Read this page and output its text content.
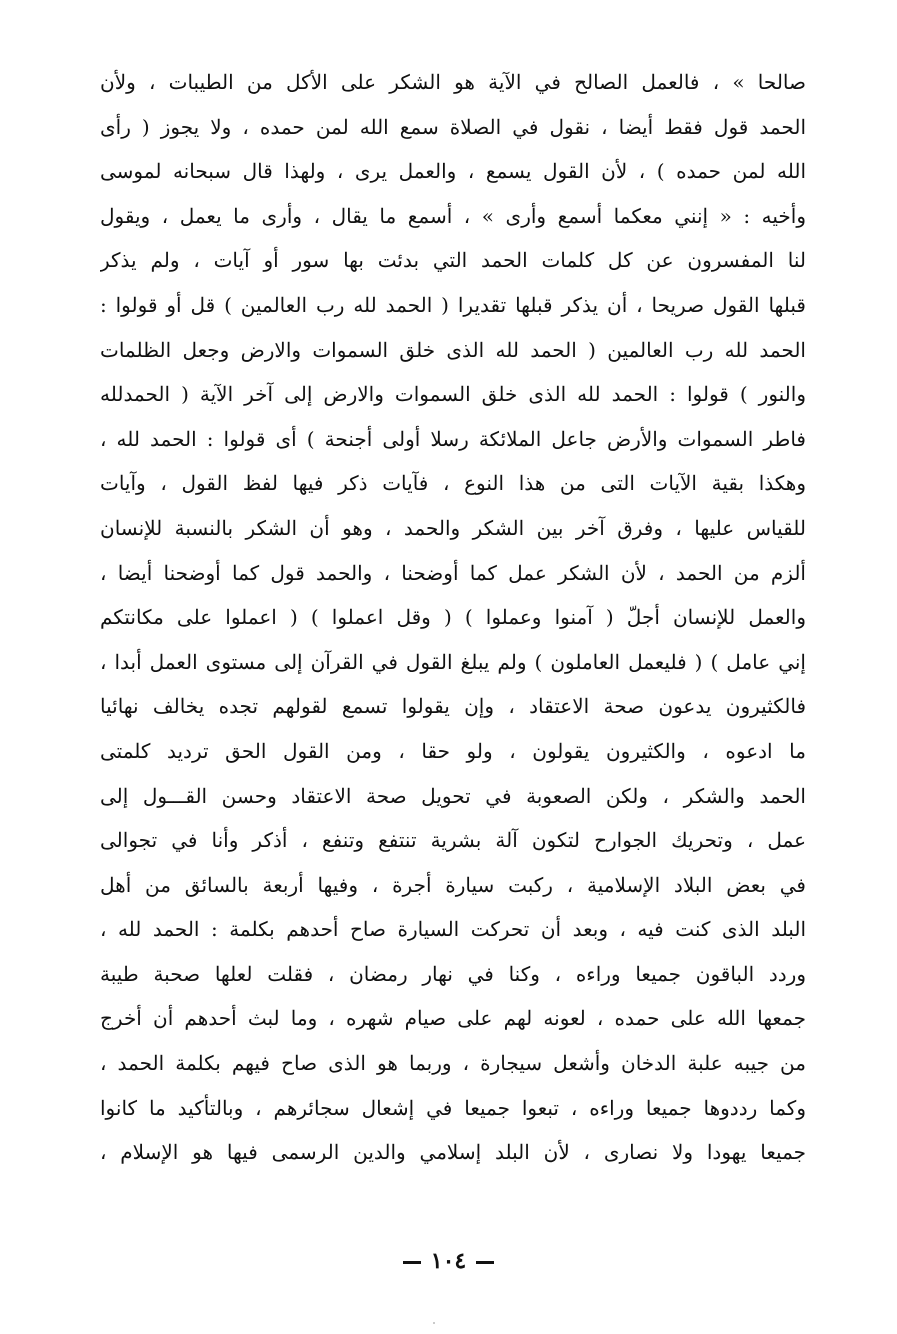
صالحا » ، فالعمل الصالح في الآية هو الشكر على الأكل من الطيبات ، ولأن
الحمد قول فقط أيضا ، نقول في الصلاة سمع الله لمن حمده ، ولا يجوز ( رأى
الله لمن حمده ) ، لأن القول يسمع ، والعمل يرى ، ولهذا قال سبحانه لموسى
وأخيه : « إنني معكما أسمع وأرى » ، أسمع ما يقال ، وأرى ما يعمل ، ويقول
لنا المفسرون عن كل كلمات الحمد التي بدئت بها سور أو آيات ، ولم يذكر
قبلها القول صريحا ، أن يذكر قبلها تقديرا ( الحمد لله رب العالمين ) قل أو قولوا :
الحمد لله رب العالمين ( الحمد لله الذى خلق السموات والارض وجعل الظلمات
والنور ) قولوا : الحمد لله الذى خلق السموات والارض إلى آخر الآية ( الحمدلله
فاطر السموات والأرض جاعل الملائكة رسلا أولى أجنحة ) أى قولوا : الحمد لله ،
وهكذا بقية الآيات التى من هذا النوع ، فآيات ذكر فيها لفظ القول ، وآيات
للقياس عليها ، وفرق آخر بين الشكر والحمد ، وهو أن الشكر بالنسبة للإنسان
ألزم من الحمد ، لأن الشكر عمل كما أوضحنا ، والحمد قول كما أوضحنا أيضا ،
والعمل للإنسان أجلّ ( آمنوا وعملوا ) ( وقل اعملوا ) ( اعملوا على مكانتكم
إني عامل ) ( فليعمل العاملون ) ولم يبلغ القول في القرآن إلى مستوى العمل أبدا ،
فالكثيرون يدعون صحة الاعتقاد ، وإن يقولوا تسمع لقولهم تجده يخالف نهائيا
ما ادعوه ، والكثيرون يقولون ، ولو حقا ، ومن القول الحق ترديد كلمتى
الحمد والشكر ، ولكن الصعوبة في تحويل صحة الاعتقاد وحسن القـــول إلى
عمل ، وتحريك الجوارح لتكون آلة بشرية تنتفع وتنفع ، أذكر وأنا في تجوالى
في بعض البلاد الإسلامية ، ركبت سيارة أجرة ، وفيها أربعة بالسائق من أهل
البلد الذى كنت فيه ، وبعد أن تحركت السيارة صاح أحدهم بكلمة : الحمد لله ،
وردد الباقون جميعا وراءه ، وكنا في نهار رمضان ، فقلت لعلها صحبة طيبة
جمعها الله على حمده ، لعونه لهم على صيام شهره ، وما لبث أحدهم أن أخرج
من جيبه علبة الدخان وأشعل سيجارة ، وربما هو الذى صاح فيهم بكلمة الحمد ،
وكما رددوها جميعا وراءه ، تبعوا جميعا في إشعال سجائرهم ، وبالتأكيد ما كانوا
جميعا يهودا ولا نصارى ، لأن البلد إسلامي والدين الرسمى فيها هو الإسلام ،
١٠٤
